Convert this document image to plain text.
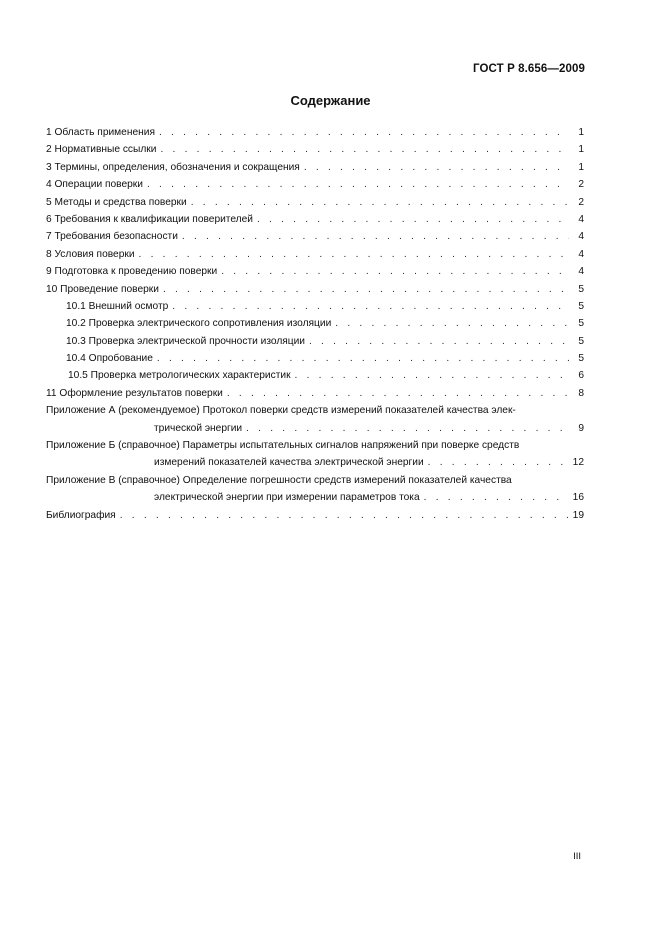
ГОСТ Р 8.656—2009
Содержание
1 Область применения . . .	1
2 Нормативные ссылки . . .	1
3 Термины, определения, обозначения и сокращения . . .	1
4 Операции поверки . . .	2
5 Методы и средства поверки . . .	2
6 Требования к квалификации поверителей . . .	4
7 Требования безопасности . . .	4
8 Условия поверки . . .	4
9 Подготовка к проведению поверки . . .	4
10 Проведение поверки . . .	5
10.1 Внешний осмотр . . .	5
10.2 Проверка электрического сопротивления изоляции . . .	5
10.3 Проверка электрической прочности изоляции . . .	5
10.4 Опробование . . .	5
10.5 Проверка метрологических характеристик . . .	6
11 Оформление результатов поверки . . .	8
Приложение А (рекомендуемое) Протокол поверки средств измерений показателей качества элек-
трической энергии . . .	9
Приложение Б (справочное) Параметры испытательных сигналов напряжений при поверке средств
измерений показателей качества электрической энергии . . .	12
Приложение В (справочное) Определение погрешности средств измерений показателей качества
электрической энергии при измерении параметров тока . . .	16
Библиография . . .	19
III
